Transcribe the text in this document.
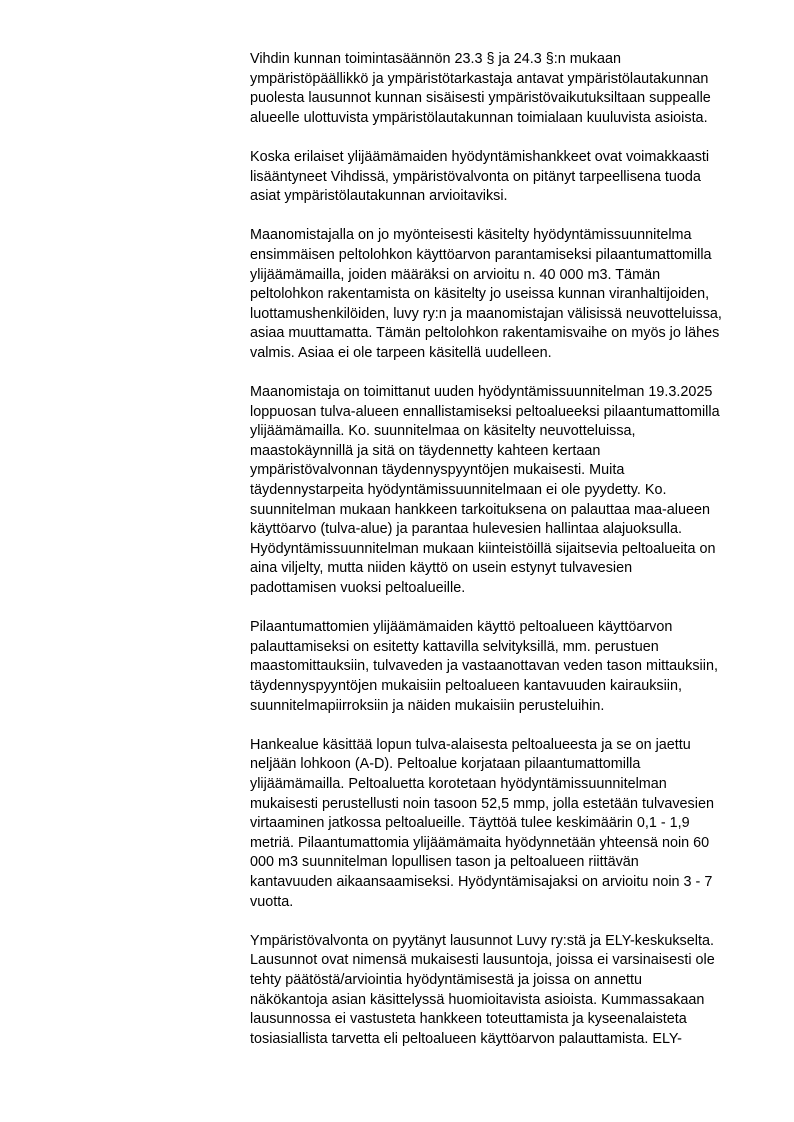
Vihdin kunnan toimintasäännön 23.3 § ja 24.3 §:n mukaan
ympäristöpäällikkö ja ympäristötarkastaja antavat ympäristölautakunnan
puolesta lausunnot kunnan sisäisesti ympäristövaikutuksiltaan suppealle
alueelle ulottuvista ympäristölautakunnan toimialaan kuuluvista asioista.
Koska erilaiset ylijäämämaiden hyödyntämishankkeet ovat voimakkaasti
lisääntyneet Vihdissä, ympäristövalvonta on pitänyt tarpeellisena tuoda
asiat ympäristölautakunnan arvioitaviksi.
Maanomistajalla on jo myönteisesti käsitelty hyödyntämissuunnitelma
ensimmäisen peltolohkon käyttöarvon parantamiseksi pilaantumattomilla
ylijäämämailla, joiden määräksi on arvioitu n. 40 000 m3. Tämän
peltolohkon rakentamista on käsitelty jo useissa kunnan viranhaltijoiden,
luottamushenkilöiden, luvy ry:n ja maanomistajan välisissä neuvotteluissa,
asiaa muuttamatta. Tämän peltolohkon rakentamisvaihe on myös jo lähes
valmis. Asiaa ei ole tarpeen käsitellä uudelleen.
Maanomistaja on toimittanut uuden hyödyntämissuunnitelman 19.3.2025
loppuosan tulva-alueen ennallistamiseksi peltoalueeksi pilaantumattomilla
ylijäämämailla. Ko. suunnitelmaa on käsitelty neuvotteluissa,
maastokäynnillä ja sitä on täydennetty kahteen kertaan
ympäristövalvonnan täydennyspyyntöjen mukaisesti. Muita
täydennystarpeita hyödyntämissuunnitelmaan ei ole pyydetty. Ko.
suunnitelman mukaan hankkeen tarkoituksena on palauttaa maa-alueen
käyttöarvo (tulva-alue) ja parantaa hulevesien hallintaa alajuoksulla.
Hyödyntämissuunnitelman mukaan kiinteistöillä sijaitsevia peltoalueita on
aina viljelty, mutta niiden käyttö on usein estynyt tulvavesien
padottamisen vuoksi peltoalueille.
Pilaantumattomien ylijäämämaiden käyttö peltoalueen käyttöarvon
palauttamiseksi on esitetty kattavilla selvityksillä, mm. perustuen
maastomittauksiin, tulvaveden ja vastaanottavan veden tason mittauksiin,
täydennyspyyntöjen mukaisiin peltoalueen kantavuuden kairauksiin,
suunnitelmapiirroksiin ja näiden mukaisiin perusteluihin.
Hankealue käsittää lopun tulva-alaisesta peltoalueesta ja se on jaettu
neljään lohkoon (A-D). Peltoalue korjataan pilaantumattomilla
ylijäämämailla. Peltoaluetta korotetaan hyödyntämissuunnitelman
mukaisesti perustellusti noin tasoon 52,5 mmp, jolla estetään tulvavesien
virtaaminen jatkossa peltoalueille. Täyttöä tulee keskimäärin 0,1 - 1,9
metriä. Pilaantumattomia ylijäämämaita hyödynnetään yhteensä noin 60
000 m3 suunnitelman lopullisen tason ja peltoalueen riittävän
kantavuuden aikaansaamiseksi. Hyödyntämisajaksi on arvioitu noin 3 - 7
vuotta.
Ympäristövalvonta on pyytänyt lausunnot Luvy ry:stä ja ELY-keskukselta.
Lausunnot ovat nimensä mukaisesti lausuntoja, joissa ei varsinaisesti ole
tehty päätöstä/arviointia hyödyntämisestä ja joissa on annettu
näkökantoja asian käsittelyssä huomioitavista asioista. Kummassakaan
lausunnossa ei vastusteta hankkeen toteuttamista ja kyseenalaisteta
tosiasiallista tarvetta eli peltoalueen käyttöarvon palauttamista. ELY-
